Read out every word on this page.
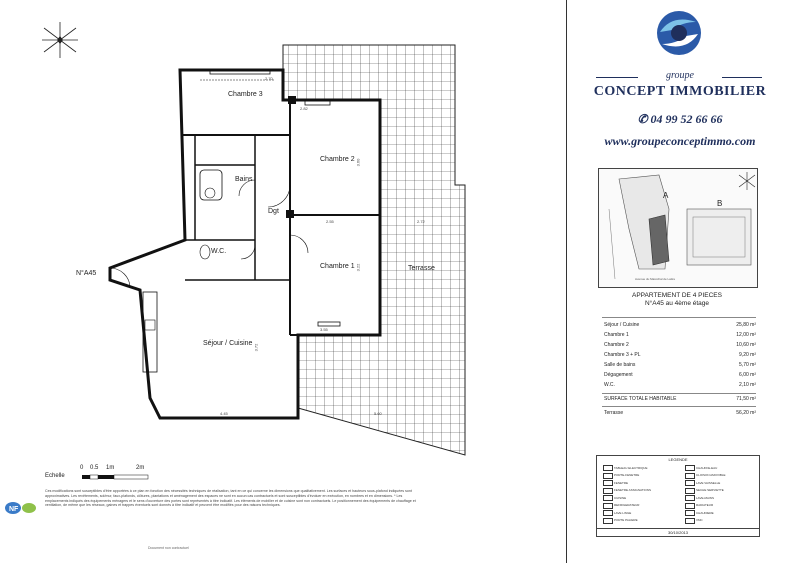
Chambre 3
Chambre 2
Chambre 1
Bains
W.C.
Dgt
Séjour / Cuisine
Terrasse
N°A45
2.70
2.55	2.72
4.45	5.60
3.60
3.22
3.72
2.82
3.55
Echelle
0 0.5 1m	2m
Ces modifications sont susceptibles d'être apportées à ce plan en fonction des nécessités techniques de réalisation, tant en ce qui concerne les dimensions que qualitativement. Les surfaces et hauteurs sous-plafond indiquées sont approximatives. Les revêtements, sol/mur, faux-plafonds, clôtures, plantations et aménagement des espaces ne sont en aucun cas contractuels et sont susceptibles d'évoluer en exécution, en nombres et en dimensions. * Les emplacements indiqués des équipements ménagers et le sens d'ouverture des portes sont représentés à titre indicatif. Les éléments de mobilier et de cuisine sont non contractuels. Le positionnement des équipements de chauffage et ventilation, de même que les réseaux, gaines et trappes éventuels sont donnés à titre indicatif et peuvent être modifiés pour des raisons techniques.
NF
Document non contractuel
groupe
CONCEPT IMMOBILIER
✆ 04 99 52 66 66
www.groupeconceptimmo.com
A
B
Avenue du Maréchal de Lattre
APPARTEMENT DE 4 PIECES
N°A45 au 4ème étage
Séjour / Cuisine	25,80 m²
Chambre 1	12,00 m²
Chambre 2	10,60 m²
Chambre 3 + PL	9,20 m²
Salle de bains	5,70 m²
Dégagement	6,00 m²
W.C.	2,10 m²
SURFACE TOTALE HABITABLE	71,50 m²
Terrasse	56,20 m²
LEGENDE
TABLEAU ELECTRIQUE
PORTE-FENETRE
FENETRE
FENETRE ASSIGNATIONS
CUISINE
REFRIGERATEUR
LAVE LINGE
PORTE PALIERE
CHAUFFE-EAU
CLOISON AMOVIBLE
LAVE VAISSELLE
SECHE SERVIETTE
LAVE-MAINS
RADIATEUR
CHAUDIERE
VMC
30/10/2013
